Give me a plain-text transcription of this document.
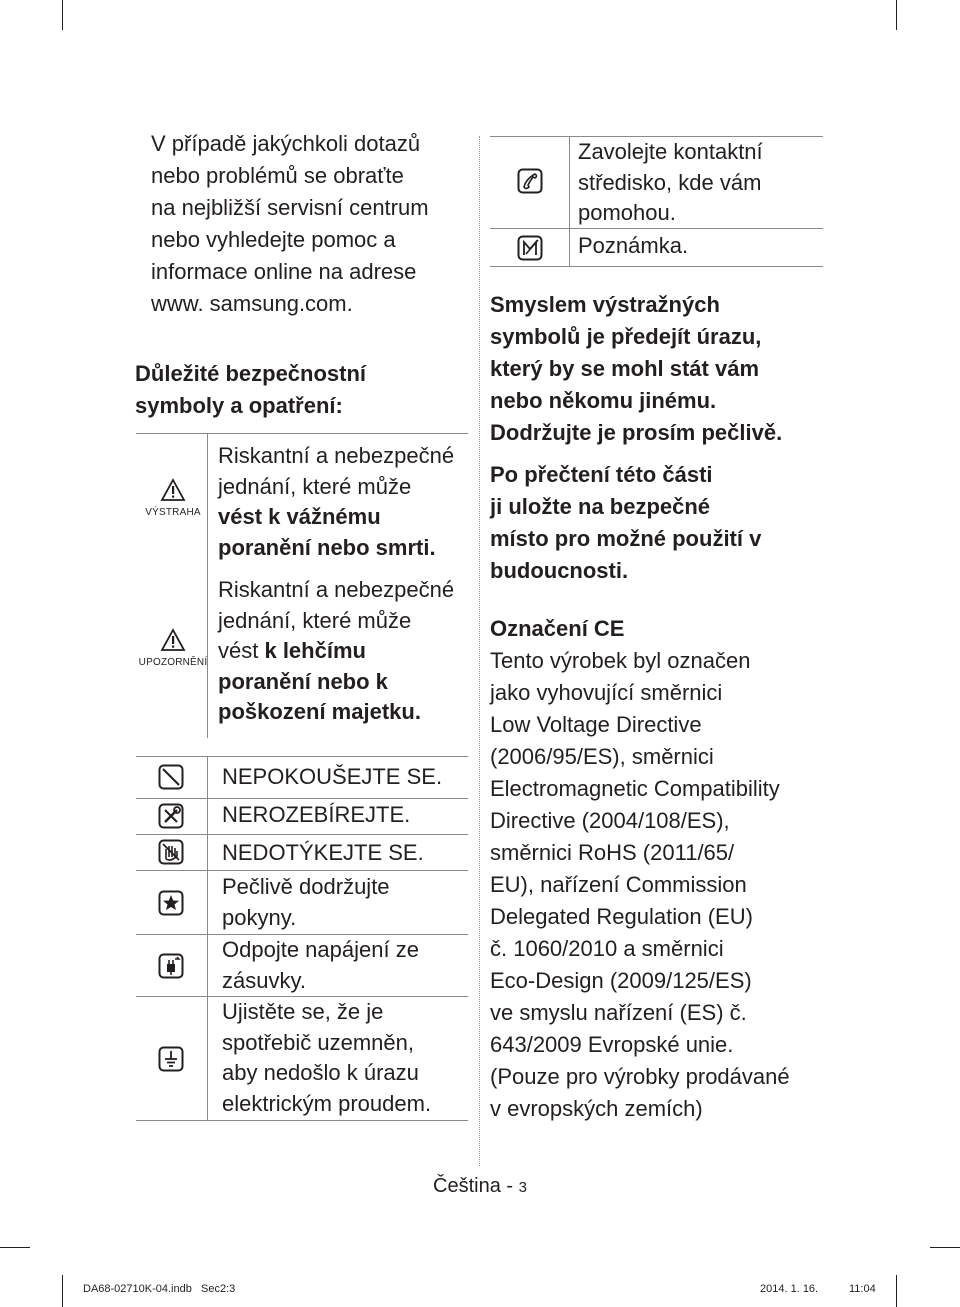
V případě jakýchkoli dotazů
nebo problémů se obraťte
na nejbližší servisní centrum
nebo vyhledejte pomoc a
informace online na adrese
www. samsung.com.
Důležité bezpečnostní
symboly a opatření:
VÝSTRAHA
Riskantní a nebezpečné
jednání, které může
vést k vážnému
poranění nebo smrti.
UPOZORNĚNÍ
Riskantní a nebezpečné
jednání, které může
vést k lehčímu
poranění nebo k
poškození majetku.
NEPOKOUŠEJTE SE.
NEROZEBÍREJTE.
NEDOTÝKEJTE SE.
Pečlivě dodržujte
pokyny.
Odpojte napájení ze
zásuvky.
Ujistěte se, že je
spotřebič uzemněn,
aby nedošlo k úrazu
elektrickým proudem.
Zavolejte kontaktní
středisko, kde vám
pomohou.
Poznámka.
Smyslem výstražných
symbolů je předejít úrazu,
který by se mohl stát vám
nebo někomu jinému.
Dodržujte je prosím pečlivě.
Po přečtení této části
ji uložte na bezpečné
místo pro možné použití v
budoucnosti.
Označení CE
Tento výrobek byl označen
jako vyhovující směrnici
Low Voltage Directive
(2006/95/ES), směrnici
Electromagnetic Compatibility
Directive (2004/108/ES),
směrnici RoHS (2011/65/
EU), nařízení Commission
Delegated Regulation (EU)
č. 1060/2010 a směrnici
Eco-Design (2009/125/ES)
ve smyslu nařízení (ES) č.
643/2009 Evropské unie.
(Pouze pro výrobky prodávané
v evropských zemích)
Čeština - 3
DA68-02710K-04.indb   Sec2:3	2014. 1. 16.	11:04
